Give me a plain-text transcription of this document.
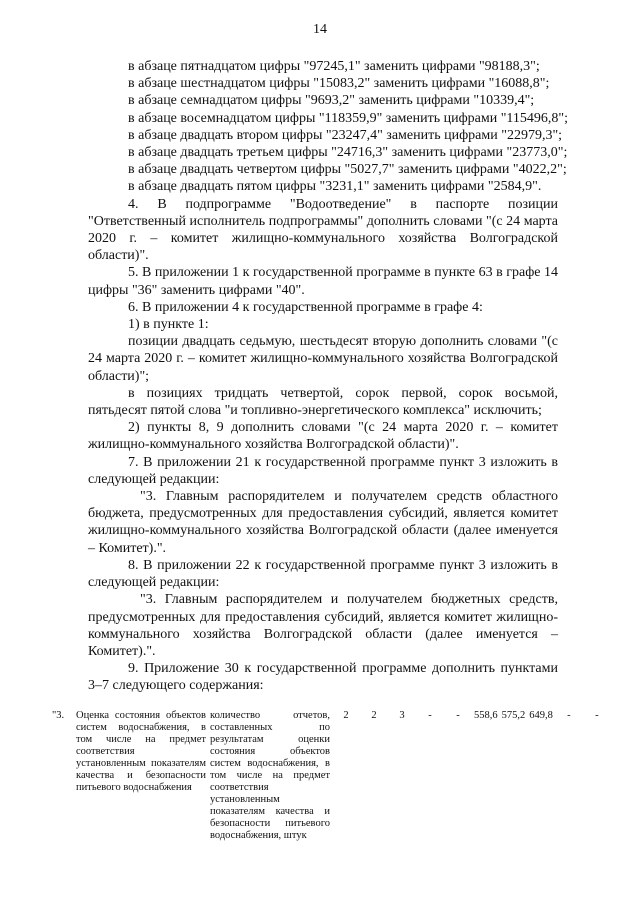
14
в абзаце пятнадцатом цифры "97245,1" заменить цифрами "98188,3";
в абзаце шестнадцатом цифры "15083,2" заменить цифрами "16088,8";
в абзаце семнадцатом цифры "9693,2" заменить цифрами "10339,4";
в абзаце восемнадцатом цифры "118359,9" заменить цифрами "115496,8";
в абзаце двадцать втором цифры "23247,4" заменить цифрами "22979,3";
в абзаце двадцать третьем цифры "24716,3" заменить цифрами "23773,0";
в абзаце двадцать четвертом цифры "5027,7" заменить цифрами "4022,2";
в абзаце двадцать пятом цифры "3231,1" заменить цифрами "2584,9".

4. В подпрограмме "Водоотведение" в паспорте позиции "Ответственный исполнитель подпрограммы" дополнить словами "(с 24 марта 2020 г. – комитет жилищно-коммунального хозяйства Волгоградской области)".

5. В приложении 1 к государственной программе в пункте 63 в графе 14 цифры "36" заменить цифрами "40".

6. В приложении 4 к государственной программе в графе 4:

1) в пункте 1:

позиции двадцать седьмую, шестьдесят вторую дополнить словами "(с 24 марта 2020 г. – комитет жилищно-коммунального хозяйства Волгоградской области)";

в позициях тридцать четвертой, сорок первой, сорок восьмой, пятьдесят пятой слова "и топливно-энергетического комплекса" исключить;

2) пункты 8, 9 дополнить словами "(с 24 марта 2020 г. – комитет жилищно-коммунального хозяйства Волгоградской области)".

7. В приложении 21 к государственной программе пункт 3 изложить в следующей редакции:

"3. Главным распорядителем и получателем средств областного бюджета, предусмотренных для предоставления субсидий, является комитет жилищно-коммунального хозяйства Волгоградской области (далее именуется – Комитет).".

8. В приложении 22 к государственной программе пункт 3 изложить в следующей редакции:

"3. Главным распорядителем и получателем бюджетных средств, предусмотренных для предоставления субсидий, является комитет жилищно-коммунального хозяйства Волгоградской области (далее именуется – Комитет).".

9. Приложение 30 к государственной программе дополнить пунктами 3–7 следующего содержания:

"3.	Оценка состояния объектов систем водоснабжения, в том числе на предмет соответствия установленным показателям качества и безопасности питьевого водоснабжения	количество отчетов, составленных по результатам оценки состояния объектов систем водоснабжения, в том числе на предмет соответствия установленным показателям качества и безопасности питьевого водоснабжения, штук	2	2	3	-	-	558,6	575,2	649,8	-	-
